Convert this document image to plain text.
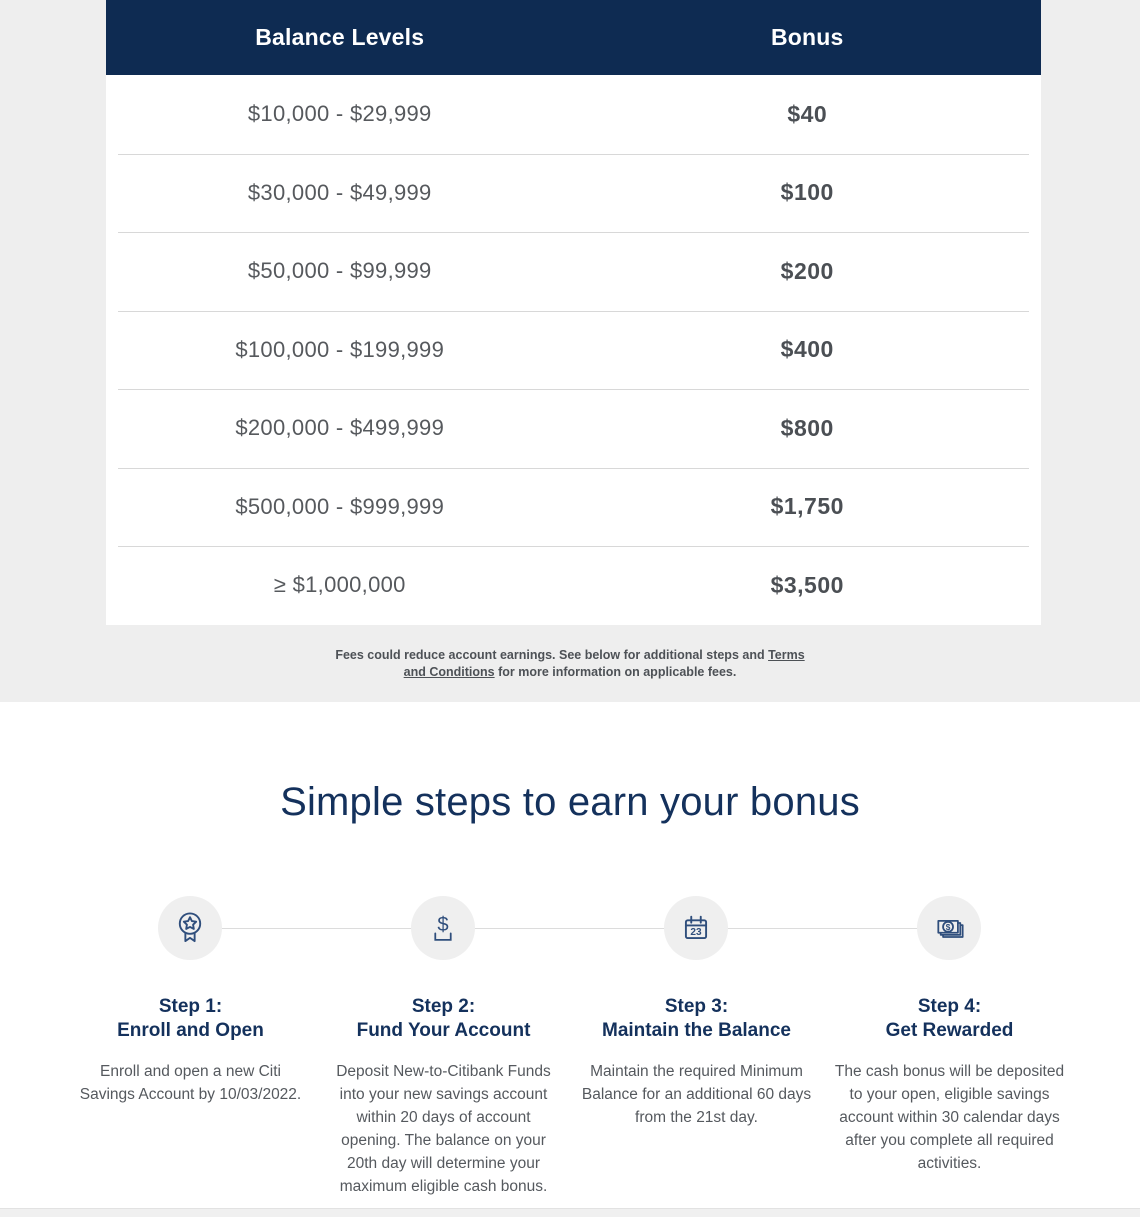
Balance Levels	Bonus
$10,000 - $29,999	$40
$30,000 - $49,999	$100
$50,000 - $99,999	$200
$100,000 - $199,999	$400
$200,000 - $499,999	$800
$500,000 - $999,999	$1,750
≥ $1,000,000	$3,500

Fees could reduce account earnings. See below for additional steps and Terms and Conditions for more information on applicable fees.

Simple steps to earn your bonus
$	23
$

Step 1:
Enroll and Open

Enroll and open a new Citi Savings Account by 10/03/2022.

Step 2:
Fund Your Account

Deposit New-to-Citibank Funds into your new savings account within 20 days of account opening. The balance on your 20th day will determine your maximum eligible cash bonus.

Step 3:
Maintain the Balance

Maintain the required Minimum Balance for an additional 60 days from the 21st day.

Step 4:
Get Rewarded

The cash bonus will be deposited to your open, eligible savings account within 30 calendar days after you complete all required activities.
